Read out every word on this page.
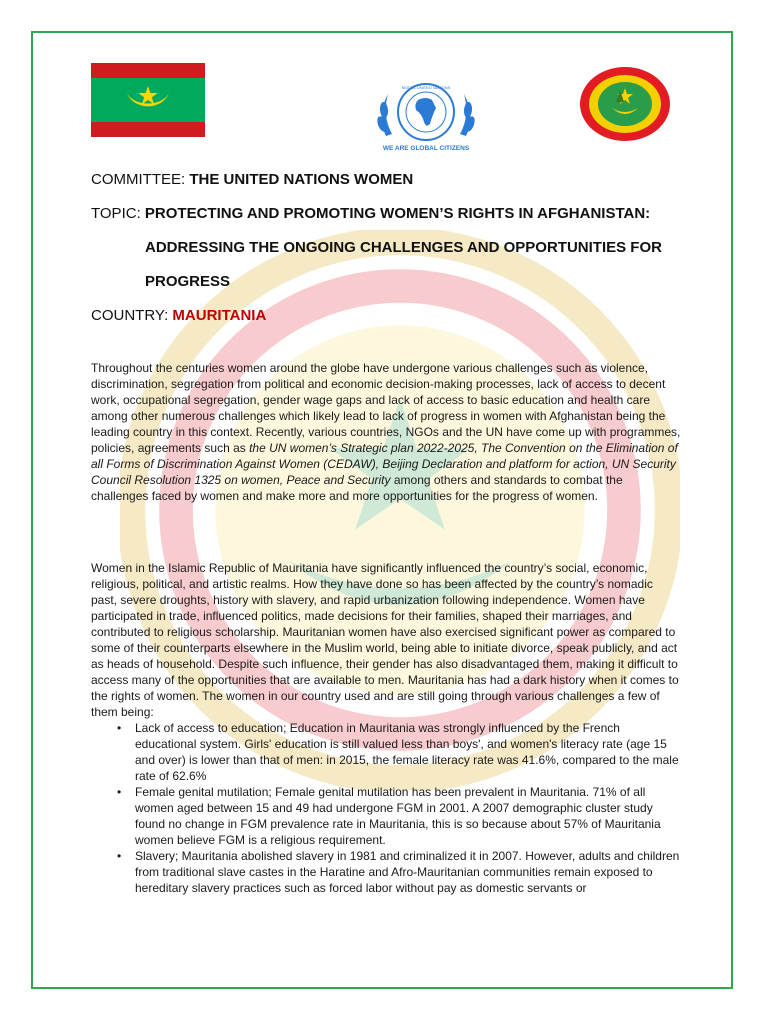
MODEL UNITED NATIONS
WE ARE GLOBAL CITIZENS
COMMITTEE: THE UNITED NATIONS WOMEN
TOPIC: PROTECTING AND PROMOTING WOMEN’S RIGHTS IN AFGHANISTAN:
ADDRESSING THE ONGOING CHALLENGES AND OPPORTUNITIES FOR
PROGRESS
COUNTRY: MAURITANIA

Throughout the centuries women around the globe have undergone various challenges such as violence, discrimination, segregation from political and economic decision-making processes, lack of access to decent work, occupational segregation, gender wage gaps and lack of access to basic education and health care among other numerous challenges which likely lead to lack of progress in women with Afghanistan being the leading country in this context. Recently, various countries, NGOs and the UN have come up with programmes, policies, agreements such as the UN women’s Strategic plan 2022-2025, The Convention on the Elimination of all Forms of Discrimination Against Women (CEDAW), Beijing Declaration and platform for action, UN Security Council Resolution 1325 on women, Peace and Security among others and standards to combat the challenges faced by women and make more and more opportunities for the progress of women.

Women in the Islamic Republic of Mauritania have significantly influenced the country’s social, economic, religious, political, and artistic realms. How they have done so has been affected by the country’s nomadic past, severe droughts, history with slavery, and rapid urbanization following independence. Women have participated in trade, influenced politics, made decisions for their families, shaped their marriages, and contributed to religious scholarship. Mauritanian women have also exercised significant power as compared to some of their counterparts elsewhere in the Muslim world, being able to initiate divorce, speak publicly, and act as heads of household. Despite such influence, their gender has also disadvantaged them, making it difficult to access many of the opportunities that are available to men. Mauritania has had a dark history when it comes to the rights of women. The women in our country used and are still going through various challenges a few of them being:

• Lack of access to education; Education in Mauritania was strongly influenced by the French educational system. Girls' education is still valued less than boys', and women's literacy rate (age 15 and over) is lower than that of men: in 2015, the female literacy rate was 41.6%, compared to the male rate of 62.6%
• Female genital mutilation; Female genital mutilation has been prevalent in Mauritania. 71% of all women aged between 15 and 49 had undergone FGM in 2001. A 2007 demographic cluster study found no change in FGM prevalence rate in Mauritania, this is so because about 57% of Mauritania women believe FGM is a religious requirement.
• Slavery; Mauritania abolished slavery in 1981 and criminalized it in 2007. However, adults and children from traditional slave castes in the Haratine and Afro-Mauritanian communities remain exposed to hereditary slavery practices such as forced labor without pay as domestic servants or
